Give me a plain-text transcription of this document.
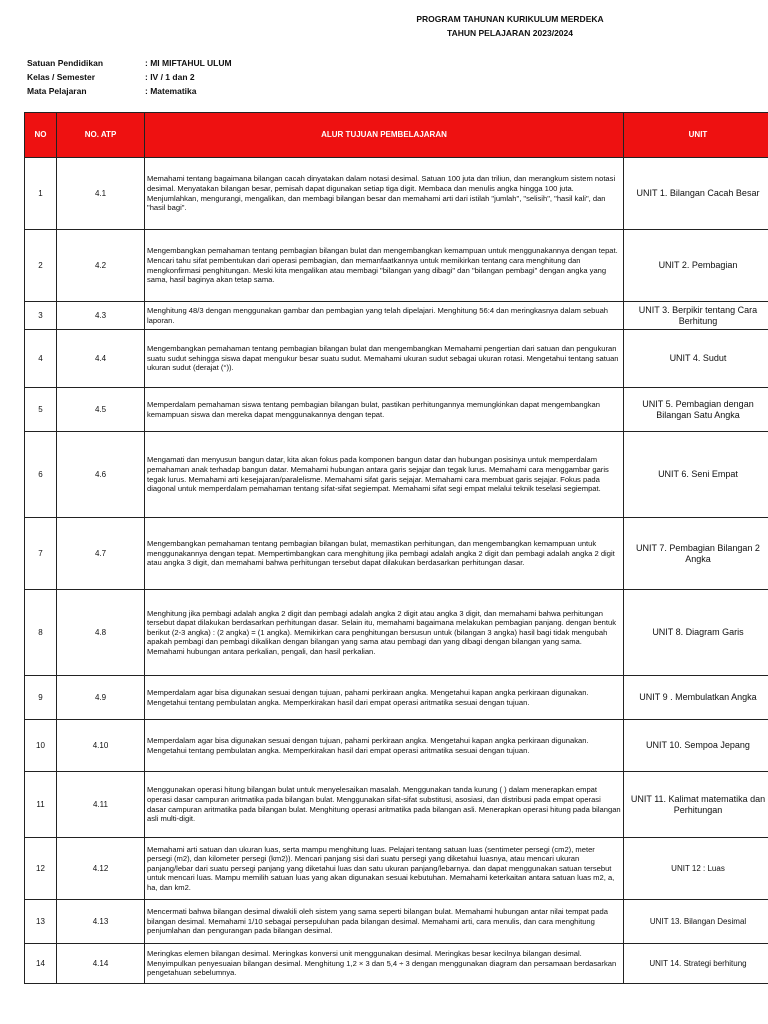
PROGRAM TAHUNAN KURIKULUM MERDEKA
TAHUN PELAJARAN 2023/2024
Satuan Pendidikan	: MI MIFTAHUL ULUM
Kelas / Semester	: IV / 1 dan 2
Mata Pelajaran	: Matematika
NO	NO. ATP	ALUR TUJUAN PEMBELAJARAN	UNIT
1	4.1	Memahami tentang bagaimana bilangan cacah dinyatakan dalam notasi desimal. Satuan 100 juta dan triliun, dan merangkum sistem notasi desimal. Menyatakan bilangan besar, pemisah dapat digunakan setiap tiga digit. Membaca dan menulis angka hingga 100 juta. Menjumlahkan, mengurangi, mengalikan, dan membagi bilangan besar dan memahami arti dari istilah "jumlah", "selisih", "hasil kali", dan "hasil bagi".	UNIT 1. Bilangan Cacah Besar
2	4.2	Mengembangkan pemahaman tentang pembagian bilangan bulat dan mengembangkan kemampuan untuk menggunakannya dengan tepat. Mencari tahu sifat pembentukan dari operasi pembagian, dan memanfaatkannya untuk memikirkan tentang cara menghitung dan mengkonfirmasi penghitungan. Meski kita mengalikan atau membagi "bilangan yang dibagi" dan "bilangan pembagi" dengan angka yang sama, hasil baginya akan tetap sama.	UNIT 2. Pembagian
3	4.3	Menghitung 48/3 dengan menggunakan gambar dan pembagian yang telah dipelajari. Menghitung 56:4 dan meringkasnya dalam sebuah laporan.	UNIT 3. Berpikir tentang Cara Berhitung
4	4.4	Mengembangkan pemahaman tentang pembagian bilangan bulat dan mengembangkan Memahami pengertian dari satuan dan pengukuran suatu sudut sehingga siswa dapat mengukur besar suatu sudut. Memahami ukuran sudut sebagai ukuran rotasi. Mengetahui tentang satuan ukuran sudut (derajat (°)).	UNIT 4. Sudut
5	4.5	Memperdalam pemahaman siswa tentang pembagian bilangan bulat, pastikan perhitungannya memungkinkan dapat mengembangkan kemampuan siswa dan mereka dapat menggunakannya dengan tepat.	UNIT 5. Pembagian dengan Bilangan Satu Angka
6	4.6	Mengamati dan menyusun bangun datar, kita akan fokus pada komponen bangun datar dan hubungan posisinya untuk memperdalam pemahaman anak terhadap bangun datar. Memahami hubungan antara garis sejajar dan tegak lurus. Memahami cara menggambar garis tegak lurus. Memahami arti kesejajaran/paralelisme. Memahami sifat garis sejajar. Memahami cara membuat garis sejajar. Fokus pada diagonal untuk memperdalam pemahaman tentang sifat-sifat segiempat. Memahami sifat segi empat melalui teknik teselasi segiempat.	UNIT 6. Seni Empat
7	4.7	Mengembangkan pemahaman tentang pembagian bilangan bulat, memastikan perhitungan, dan mengembangkan kemampuan untuk menggunakannya dengan tepat. Mempertimbangkan cara menghitung jika pembagi adalah angka 2 digit dan pembagi adalah angka 2 digit atau angka 3 digit, dan memahami bahwa perhitungan tersebut dapat dilakukan berdasarkan perhitungan dasar.	UNIT 7. Pembagian Bilangan 2 Angka
8	4.8	Menghitung jika pembagi adalah angka 2 digit dan pembagi adalah angka 2 digit atau angka 3 digit, dan memahami bahwa perhitungan tersebut dapat dilakukan berdasarkan perhitungan dasar. Selain itu, memahami bagaimana melakukan pembagian panjang. dengan bentuk berikut (2-3 angka) : (2 angka) = (1 angka). Memikirkan cara penghitungan bersusun untuk (bilangan 3 angka) hasil bagi tidak mengubah apakah pembagi dan pembagi dikalikan dengan bilangan yang sama atau pembagi dan yang dibagi dengan bilangan yang sama. Memahami hubungan antara perkalian, pengali, dan hasil perkalian.	UNIT 8. Diagram Garis
9	4.9	Memperdalam agar bisa digunakan sesuai dengan tujuan, pahami perkiraan angka. Mengetahui kapan angka perkiraan digunakan. Mengetahui tentang pembulatan angka. Memperkirakan hasil dari empat operasi aritmatika sesuai dengan tujuan.	UNIT 9 . Membulatkan Angka
10	4.10	Memperdalam agar bisa digunakan sesuai dengan tujuan, pahami perkiraan angka. Mengetahui kapan angka perkiraan digunakan. Mengetahui tentang pembulatan angka. Memperkirakan hasil dari empat operasi aritmatika sesuai dengan tujuan.	UNIT 10. Sempoa Jepang
11	4.11	Menggunakan operasi hitung bilangan bulat untuk menyelesaikan masalah. Menggunakan tanda kurung ( ) dalam menerapkan empat operasi dasar campuran aritmatika pada bilangan bulat. Menggunakan sifat-sifat substitusi, asosiasi, dan distribusi pada empat operasi dasar campuran aritmatika pada bilangan bulat. Menghitung operasi aritmatika pada bilangan asli. Menerapkan operasi hitung pada bilangan asli multi-digit.	UNIT 11. Kalimat matematika dan Perhitungan
12	4.12	Memahami arti satuan dan ukuran luas, serta mampu menghitung luas. Pelajari tentang satuan luas (sentimeter persegi (cm2), meter persegi (m2), dan kilometer persegi (km2)). Mencari panjang sisi dari suatu persegi yang diketahui luasnya, atau mencari ukuran panjang/lebar dari suatu persegi panjang yang diketahui luas dan satu ukuran panjang/lebarnya. dan dapat menggunakan satuan tersebut untuk mencari luas. Mampu memilih satuan luas yang akan digunakan sesuai kebutuhan. Memahami keterkaitan antara satuan luas m2, a, ha, dan km2.	UNIT 12 : Luas
13	4.13	Mencermati bahwa bilangan desimal diwakili oleh sistem yang sama seperti bilangan bulat. Memahami hubungan antar nilai tempat pada bilangan desimal. Memahami 1/10 sebagai persepuluhan pada bilangan desimal. Memahami arti, cara menulis, dan cara menghitung penjumlahan dan pengurangan pada bilangan desimal.	UNIT 13. Bilangan Desimal
14	4.14	Meringkas elemen bilangan desimal. Meringkas konversi unit menggunakan desimal. Meringkas besar kecilnya bilangan desimal. Menyimpulkan penyesuaian bilangan desimal. Menghitung 1,2 × 3 dan 5,4 ÷ 3 dengan menggunakan diagram dan persamaan berdasarkan pengetahuan sebelumnya.	UNIT 14. Strategi berhitung
